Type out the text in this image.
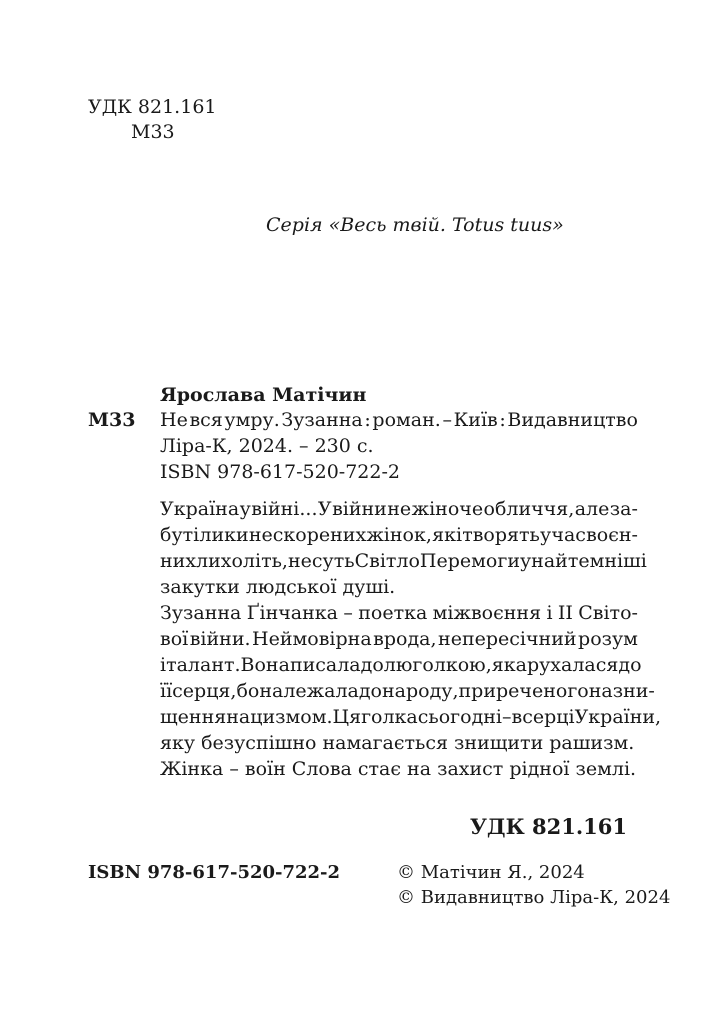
УДК 821.161
М33
Серія «Весь твій. Totus tuus»
Ярослава Матічин
М33 Не вся умру. Зузанна : роман. – Київ : Видавництво
Ліра-К, 2024. – 230 с.
ISBN 978-617-520-722-2
Україна у війні... У війни не жіноче обличчя, але за-
буті лики нескорених жінок, які творять у час воєн-
них лихоліть, несуть Світло Перемоги у найтемніші
закутки людської душі.
Зузанна Ґінчанка – поетка міжвоєння і ІІ Світо-
вої війни. Неймовірна врода, непересічний розум
і талант. Вона писала долю голкою, яка рухалася до
її серця, бо належала до народу, приреченого на зни-
щення нацизмом. Ця голка сьогодні – в серці України,
яку безуспішно намагається знищити рашизм.
Жінка – воїн Слова стає на захист рідної землі.
УДК 821.161
ISBN 978-617-520-722-2	© Матічин Я., 2024
© Видавництво Ліра-К, 2024
